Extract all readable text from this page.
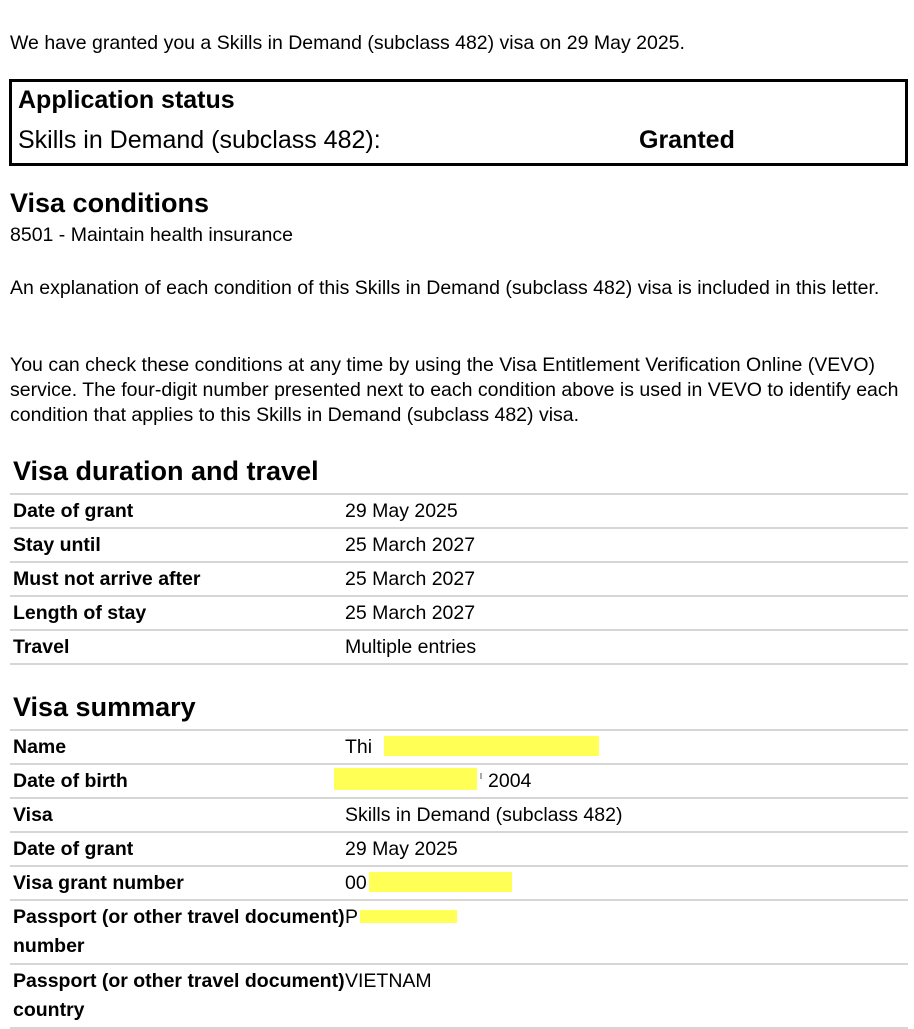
We have granted you a Skills in Demand (subclass 482) visa on 29 May 2025.

Application status
Skills in Demand (subclass 482):	Granted
Visa conditions
8501 - Maintain health insurance
An explanation of each condition of this Skills in Demand (subclass 482) visa is included in this letter.
You can check these conditions at any time by using the Visa Entitlement Verification Online (VEVO) service. The four-digit number presented next to each condition above is used in VEVO to identify each condition that applies to this Skills in Demand (subclass 482) visa.
Visa duration and travel
Date of grant	29 May 2025
Stay until	25 March 2027
Must not arrive after	25 March 2027
Length of stay	25 March 2027
Travel	Multiple entries
Visa summary
Name	Thi
Date of birth	2004
Visa	Skills in Demand (subclass 482)
Date of grant	29 May 2025
Visa grant number	00
Passport (or other travel document) number	P
Passport (or other travel document) country	VIETNAM
